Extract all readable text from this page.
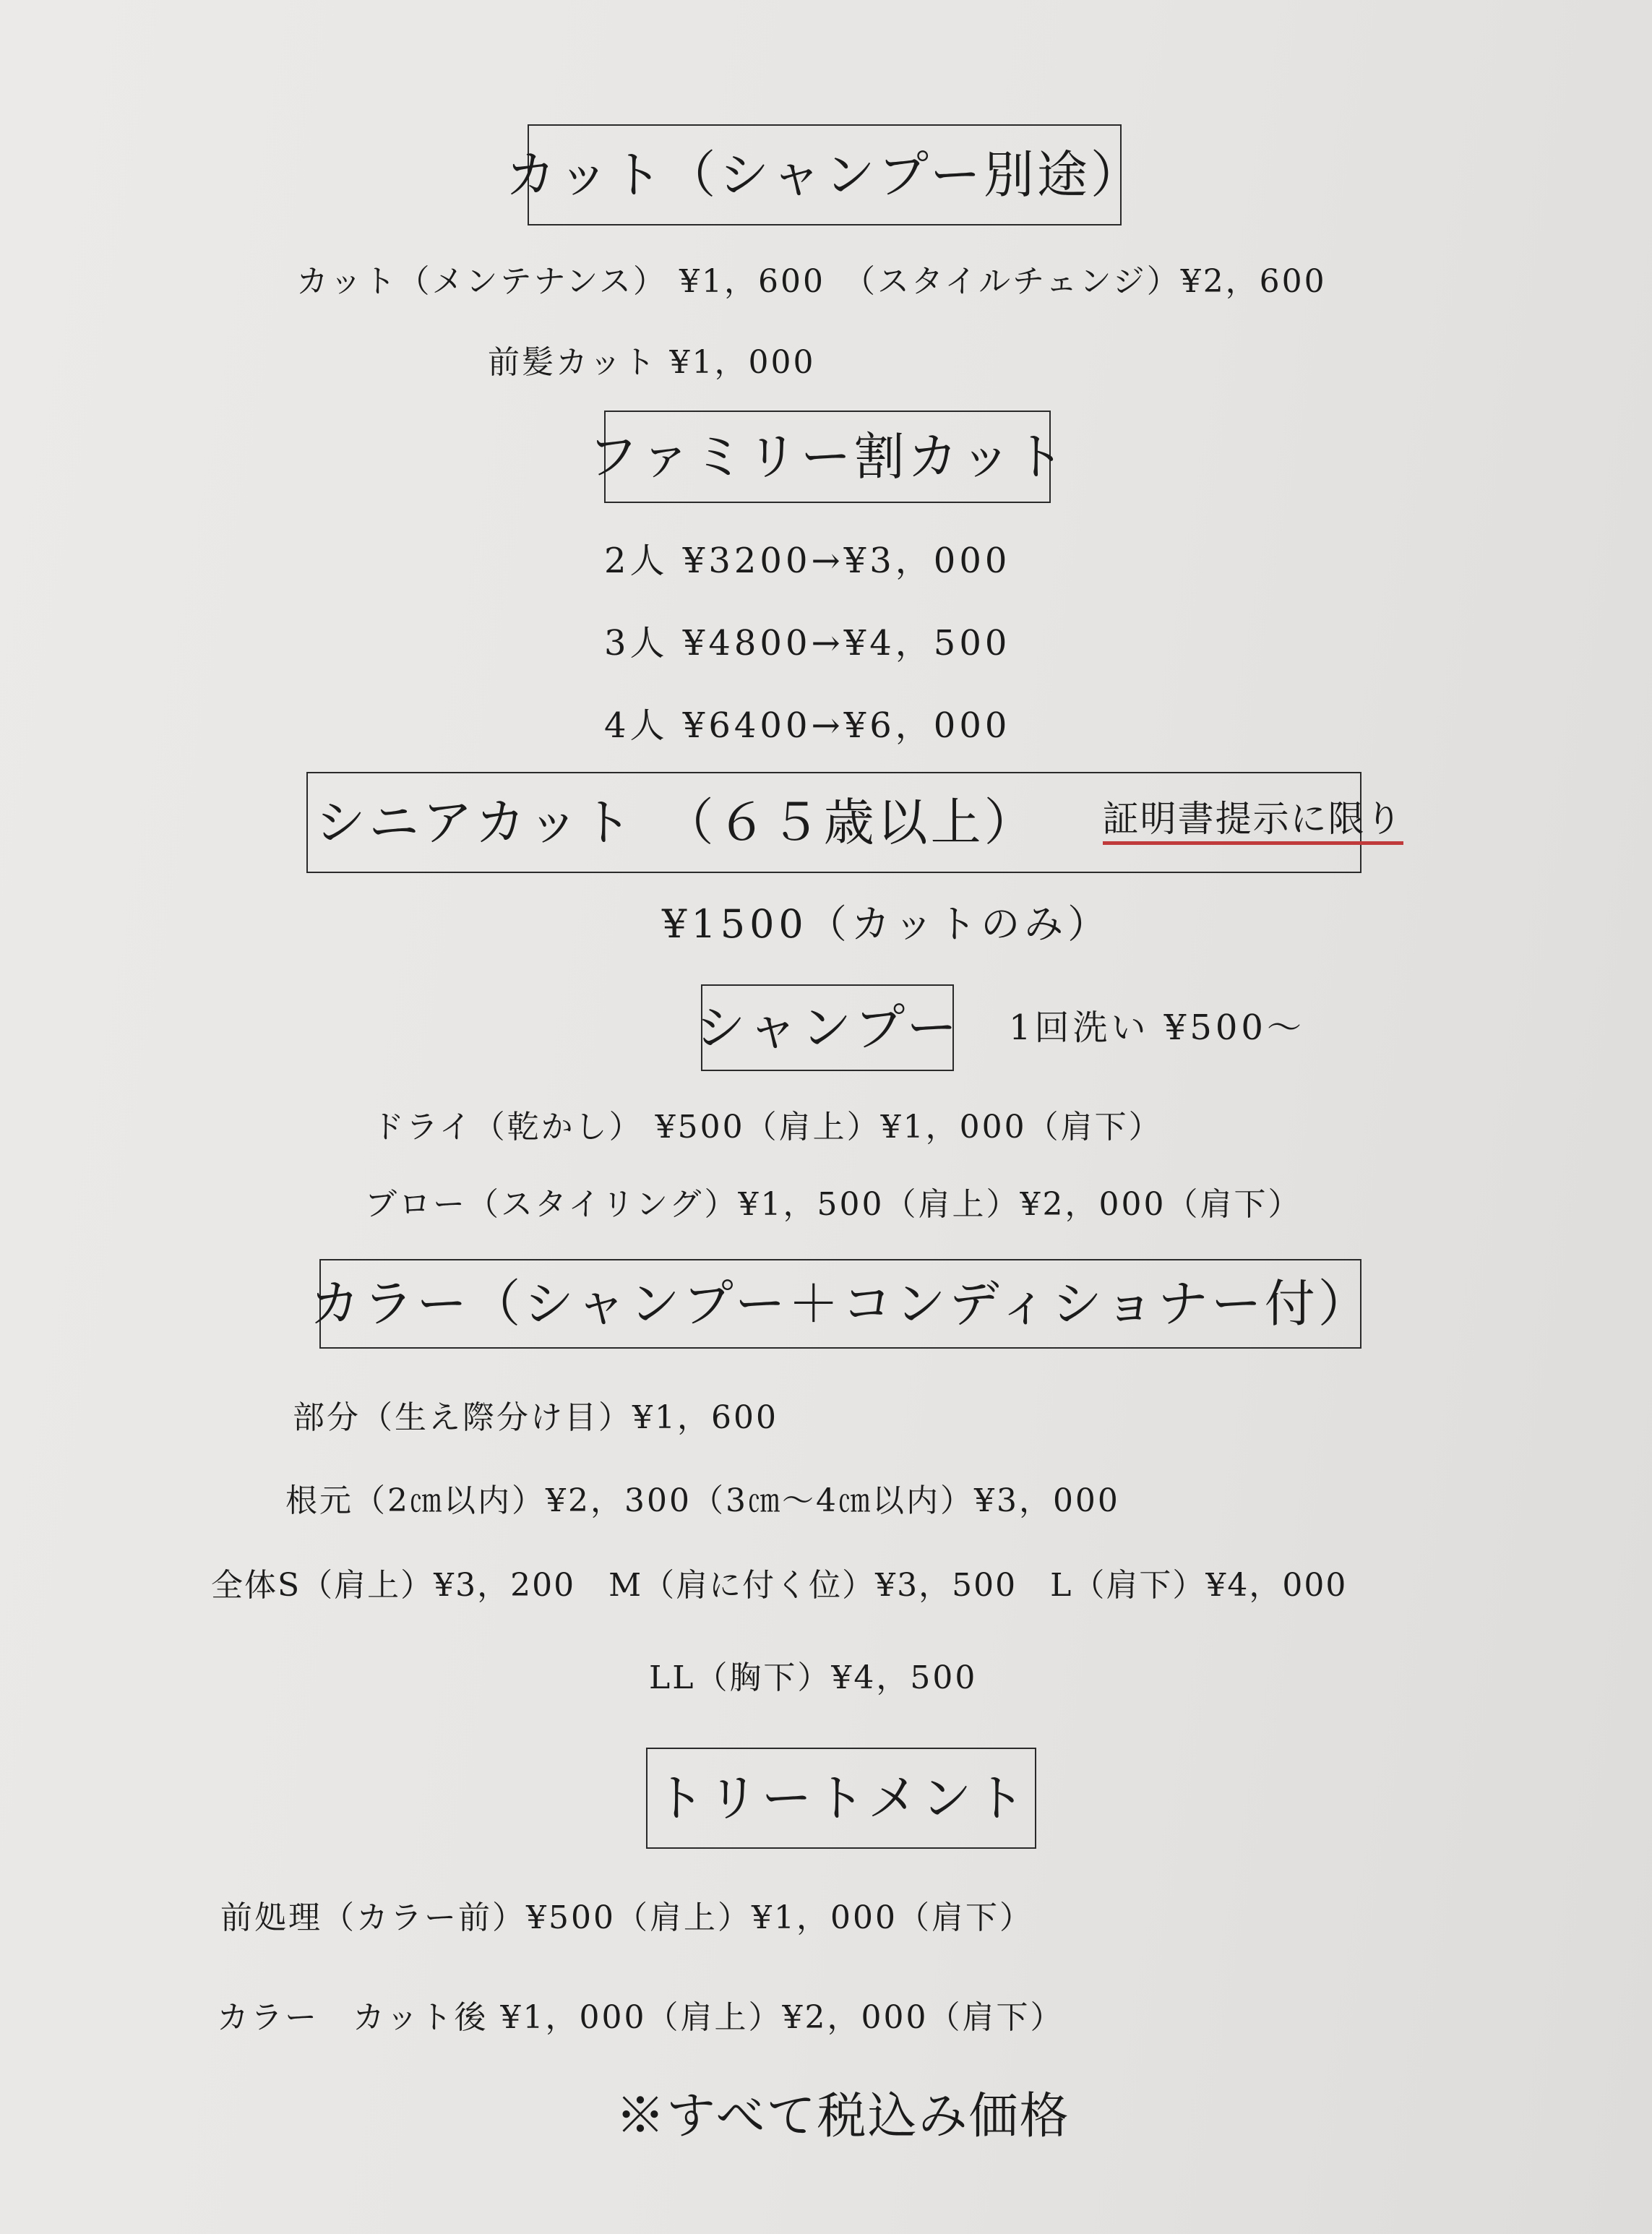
カット（シャンプー別途）
カット（メンテナンス） ¥1，600　（スタイルチェンジ）¥2，600
前髪カット ¥1，000
ファミリー割カット
2人 ¥3200→¥3，000
3人 ¥4800→¥4，500
4人 ¥6400→¥6，000
シニアカット　（６５歳以上） 証明書提示に限り
¥1500（カットのみ）
シャンプー 1回洗い ¥500〜
ドライ（乾かし） ¥500（肩上）¥1，000（肩下）
ブロー（スタイリング）¥1，500（肩上）¥2，000（肩下）
カラー（シャンプー＋コンディショナー付）
部分（生え際分け目）¥1，600
根元（2㎝以内）¥2，300（3㎝〜4㎝以内）¥3，000
全体S（肩上）¥3，200　M（肩に付く位）¥3，500　L（肩下）¥4，000
LL（胸下）¥4，500
トリートメント
前処理（カラー前）¥500（肩上）¥1，000（肩下）
カラー　カット後 ¥1，000（肩上）¥2，000（肩下）
※すべて税込み価格
